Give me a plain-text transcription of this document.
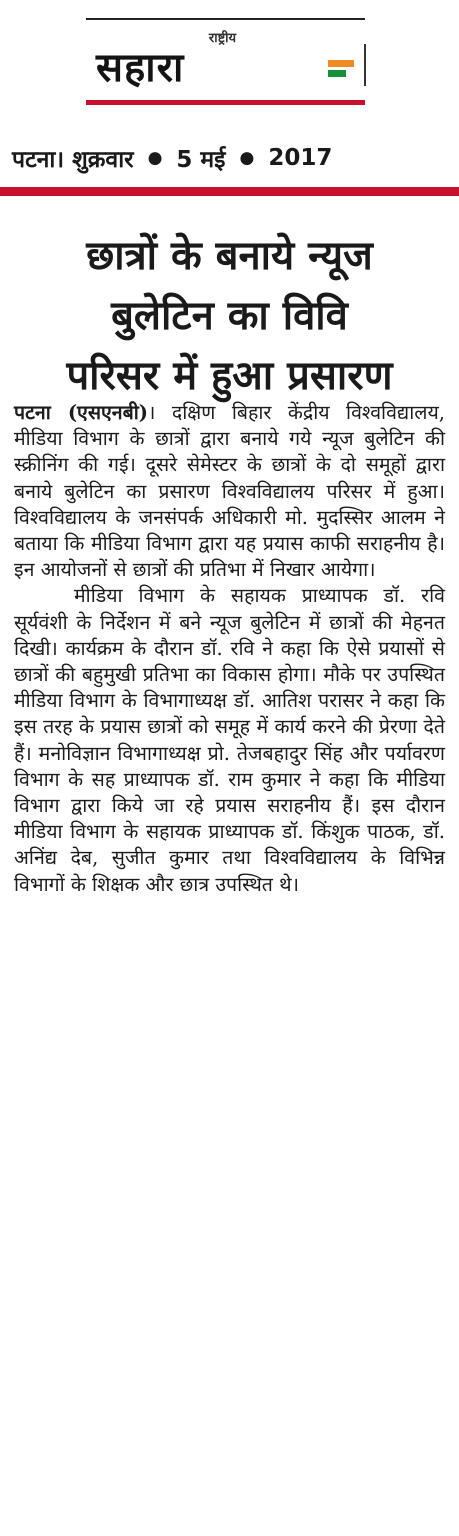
राष्ट्रीय
सहारा
पटना। शुक्रवार ● 5 मई ● 2017
छात्रों के बनाये न्यूज
बुलेटिन का विवि
परिसर में हुआ प्रसारण

पटना (एसएनबी)। दक्षिण बिहार केंद्रीय विश्वविद्यालय, मीडिया विभाग के छात्रों द्वारा बनाये गये न्यूज बुलेटिन की स्क्रीनिंग की गई। दूसरे सेमेस्टर के छात्रों के दो समूहों द्वारा बनाये बुलेटिन का प्रसारण विश्वविद्यालय परिसर में हुआ। विश्वविद्यालय के जनसंपर्क अधिकारी मो. मुदस्सिर आलम ने बताया कि मीडिया विभाग द्वारा यह प्रयास काफी सराहनीय है। इन आयोजनों से छात्रों की प्रतिभा में निखार आयेगा।

मीडिया विभाग के सहायक प्राध्यापक डॉ. रवि सूर्यवंशी के निर्देशन में बने न्यूज बुलेटिन में छात्रों की मेहनत दिखी। कार्यक्रम के दौरान डॉ. रवि ने कहा कि ऐसे प्रयासों से छात्रों की बहुमुखी प्रतिभा का विकास होगा। मौके पर उपस्थित मीडिया विभाग के विभागाध्यक्ष डॉ. आतिश परासर ने कहा कि इस तरह के प्रयास छात्रों को समूह में कार्य करने की प्रेरणा देते हैं। मनोविज्ञान विभागाध्यक्ष प्रो. तेजबहादुर सिंह और पर्यावरण विभाग के सह प्राध्यापक डॉ. राम कुमार ने कहा कि मीडिया विभाग द्वारा किये जा रहे प्रयास सराहनीय हैं। इस दौरान मीडिया विभाग के सहायक प्राध्यापक डॉ. किंशुक पाठक, डॉ. अनिंद्य देब, सुजीत कुमार तथा विश्वविद्यालय के विभिन्न विभागों के शिक्षक और छात्र उपस्थित थे।
